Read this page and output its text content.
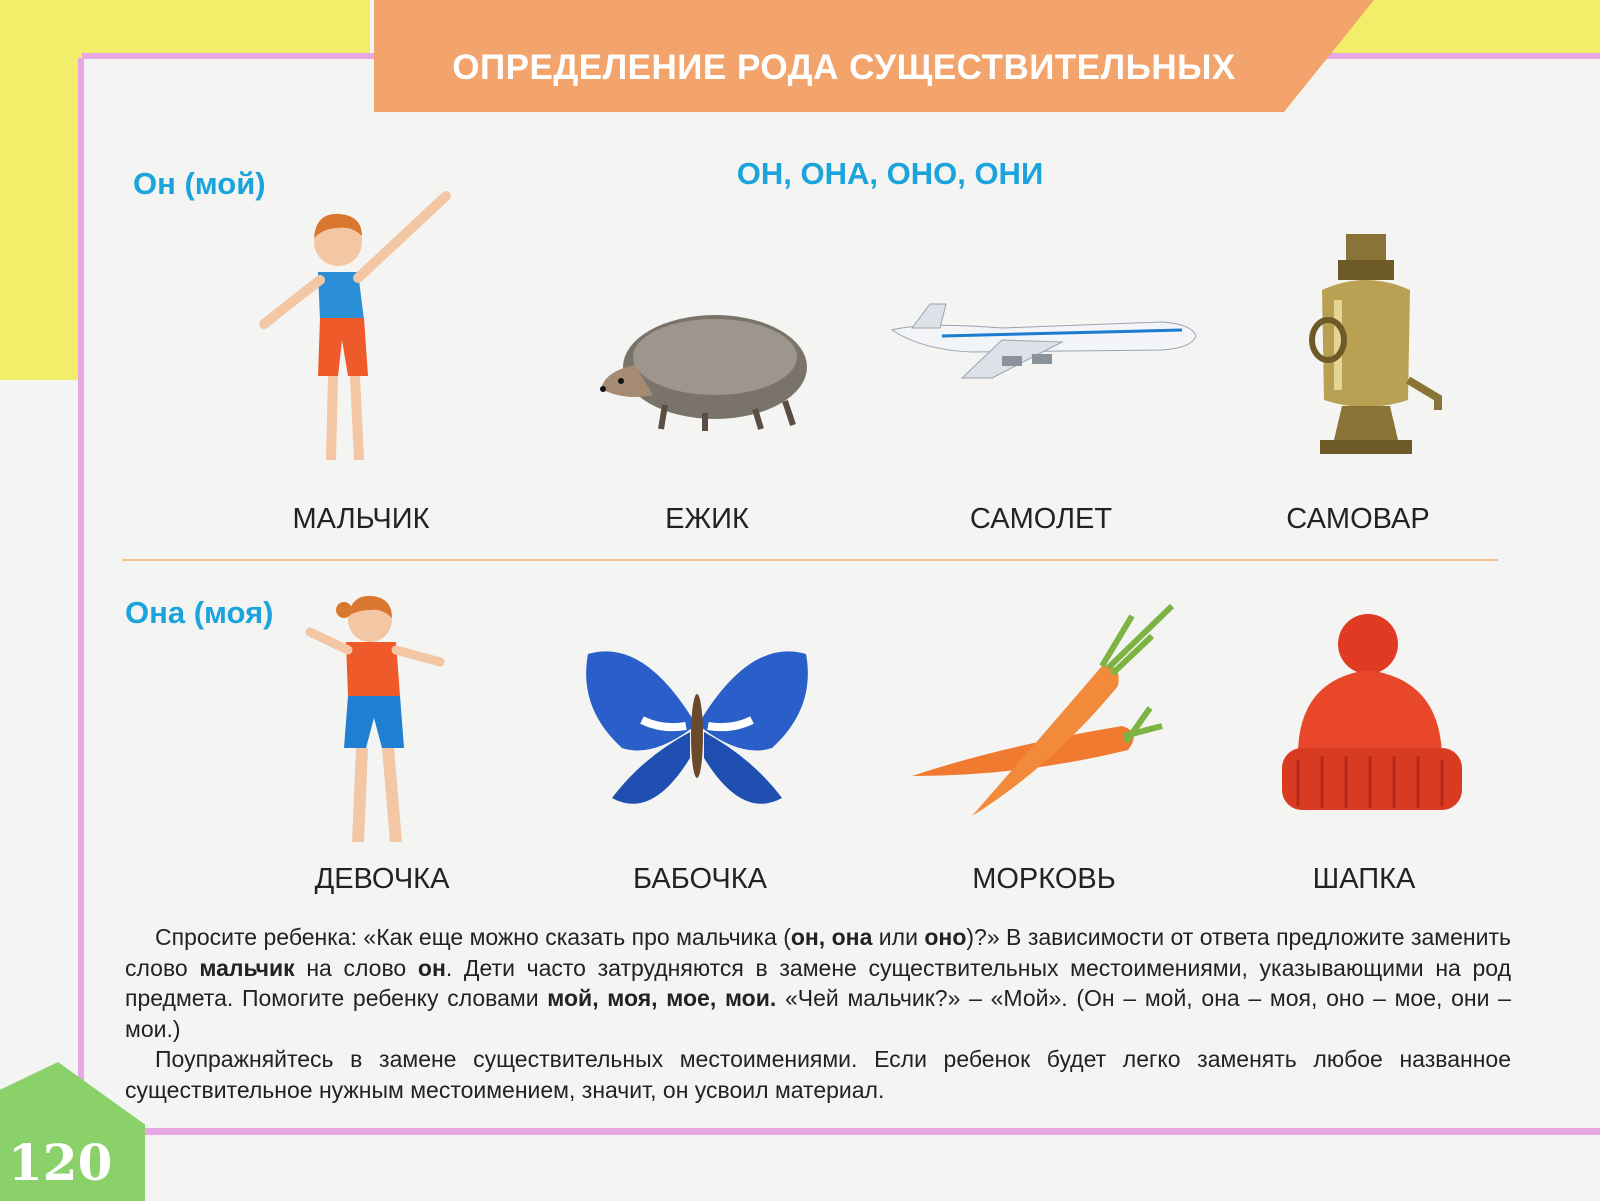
ОПРЕДЕЛЕНИЕ РОДА СУЩЕСТВИТЕЛЬНЫХ
ОН, ОНА, ОНО, ОНИ
Он (мой)
МАЛЬЧИК	ЕЖИК	САМОЛЕТ	САМОВАР
Она (моя)
ДЕВОЧКА	БАБОЧКА	МОРКОВЬ	ШАПКА

Спросите ребенка: «Как еще можно сказать про мальчика (он, она или оно)?» В зависимости от ответа предложите заменить слово мальчик на слово он. Дети часто затрудняются в замене существительных местоимениями, указывающими на род предмета. Помогите ребенку словами мой, моя, мое, мои. «Чей мальчик?» – «Мой». (Он – мой, она – моя, оно – мое, они – мои.)

Поупражняйтесь в замене существительных местоимениями. Если ребенок будет легко заменять любое названное существительное нужным местоимением, значит, он усвоил материал.

120
